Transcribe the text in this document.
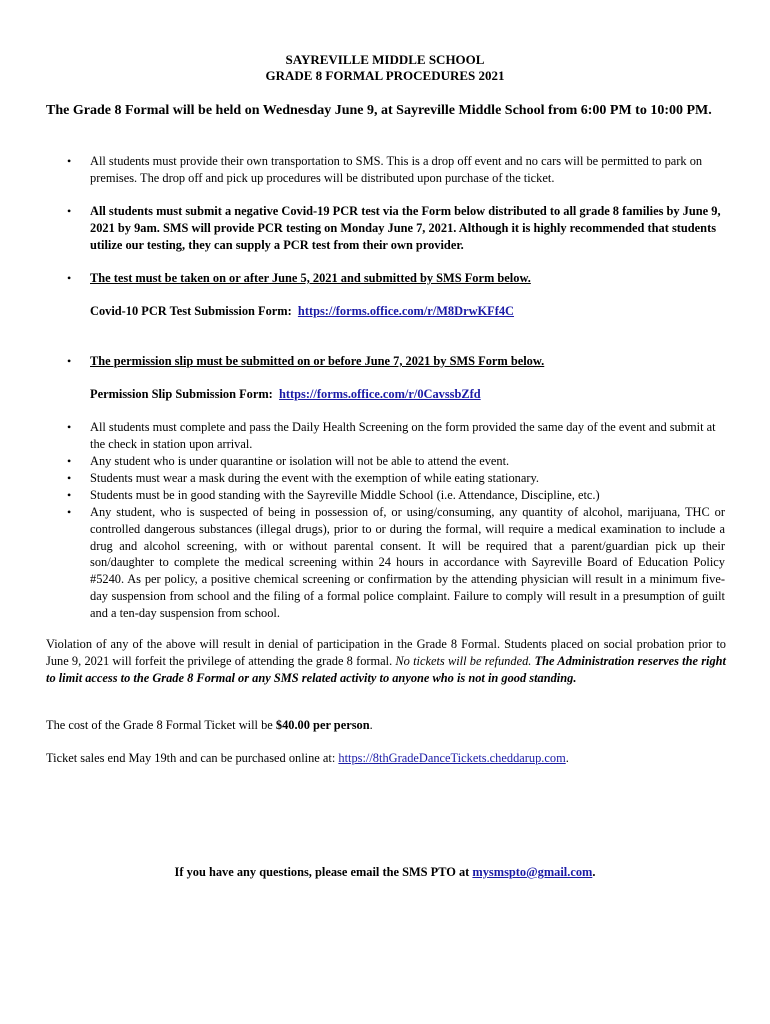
SAYREVILLE MIDDLE SCHOOL
GRADE 8 FORMAL PROCEDURES 2021
The Grade 8 Formal will be held on Wednesday June 9, at Sayreville Middle School from 6:00 PM to 10:00 PM.
• All students must provide their own transportation to SMS. This is a drop off event and no cars will be permitted to park on premises. The drop off and pick up procedures will be distributed upon purchase of the ticket.
• All students must submit a negative Covid-19 PCR test via the Form below distributed to all grade 8 families by June 9, 2021 by 9am. SMS will provide PCR testing on Monday June 7, 2021. Although it is highly recommended that students utilize our testing, they can supply a PCR test from their own provider.
• The test must be taken on or after June 5, 2021 and submitted by SMS Form below.
Covid-10 PCR Test Submission Form: https://forms.office.com/r/M8DrwKFf4C
• The permission slip must be submitted on or before June 7, 2021 by SMS Form below.
Permission Slip Submission Form: https://forms.office.com/r/0CavssbZfd
• All students must complete and pass the Daily Health Screening on the form provided the same day of the event and submit at the check in station upon arrival.
• Any student who is under quarantine or isolation will not be able to attend the event.
• Students must wear a mask during the event with the exemption of while eating stationary.
• Students must be in good standing with the Sayreville Middle School (i.e. Attendance, Discipline, etc.)
• Any student, who is suspected of being in possession of, or using/consuming, any quantity of alcohol, marijuana, THC or controlled dangerous substances (illegal drugs), prior to or during the formal, will require a medical examination to include a drug and alcohol screening, with or without parental consent. It will be required that a parent/guardian pick up their son/daughter to complete the medical screening within 24 hours in accordance with Sayreville Board of Education Policy #5240. As per policy, a positive chemical screening or confirmation by the attending physician will result in a minimum five-day suspension from school and the filing of a formal police complaint. Failure to comply will result in a presumption of guilt and a ten-day suspension from school.
Violation of any of the above will result in denial of participation in the Grade 8 Formal. Students placed on social probation prior to June 9, 2021 will forfeit the privilege of attending the grade 8 formal. No tickets will be refunded. The Administration reserves the right to limit access to the Grade 8 Formal or any SMS related activity to anyone who is not in good standing.
The cost of the Grade 8 Formal Ticket will be $40.00 per person.
Ticket sales end May 19th and can be purchased online at: https://8thGradeDanceTickets.cheddarup.com.
If you have any questions, please email the SMS PTO at mysmspto@gmail.com.
